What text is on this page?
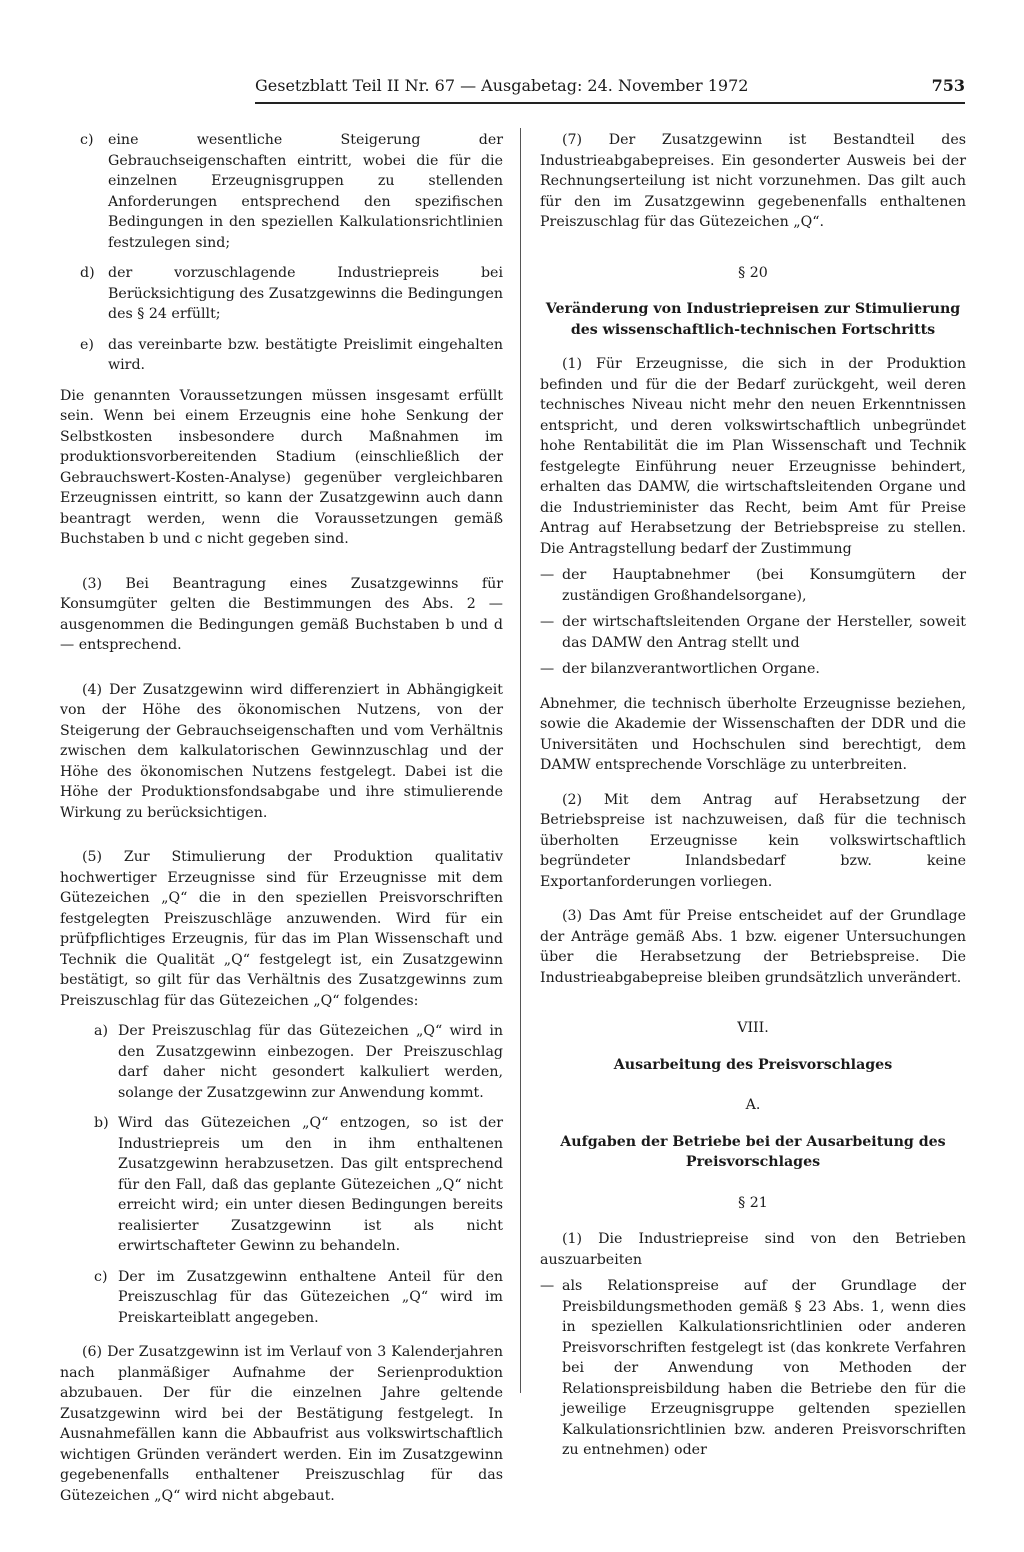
Gesetzblatt Teil II Nr. 67 — Ausgabetag: 24. November 1972	753
c) eine wesentliche Steigerung der Gebrauchseigenschaften eintritt, wobei die für die einzelnen Erzeugnisgruppen zu stellenden Anforderungen entsprechend den spezifischen Bedingungen in den speziellen Kalkulationsrichtlinien festzulegen sind;

d) der vorzuschlagende Industriepreis bei Berücksichtigung des Zusatzgewinns die Bedingungen des § 24 erfüllt;

e) das vereinbarte bzw. bestätigte Preislimit eingehalten wird.

Die genannten Voraussetzungen müssen insgesamt erfüllt sein. Wenn bei einem Erzeugnis eine hohe Senkung der Selbstkosten insbesondere durch Maßnahmen im produktionsvorbereitenden Stadium (einschließlich der Gebrauchswert-Kosten-Analyse) gegenüber vergleichbaren Erzeugnissen eintritt, so kann der Zusatzgewinn auch dann beantragt werden, wenn die Voraussetzungen gemäß Buchstaben b und c nicht gegeben sind.

(3) Bei Beantragung eines Zusatzgewinns für Konsumgüter gelten die Bestimmungen des Abs. 2 — ausgenommen die Bedingungen gemäß Buchstaben b und d — entsprechend.

(4) Der Zusatzgewinn wird differenziert in Abhängigkeit von der Höhe des ökonomischen Nutzens, von der Steigerung der Gebrauchseigenschaften und vom Verhältnis zwischen dem kalkulatorischen Gewinnzuschlag und der Höhe des ökonomischen Nutzens festgelegt. Dabei ist die Höhe der Produktionsfondsabgabe und ihre stimulierende Wirkung zu berücksichtigen.

(5) Zur Stimulierung der Produktion qualitativ hochwertiger Erzeugnisse sind für Erzeugnisse mit dem Gütezeichen „Q“ die in den speziellen Preisvorschriften festgelegten Preiszuschläge anzuwenden. Wird für ein prüfpflichtiges Erzeugnis, für das im Plan Wissenschaft und Technik die Qualität „Q“ festgelegt ist, ein Zusatzgewinn bestätigt, so gilt für das Verhältnis des Zusatzgewinns zum Preiszuschlag für das Gütezeichen „Q“ folgendes:

a) Der Preiszuschlag für das Gütezeichen „Q“ wird in den Zusatzgewinn einbezogen. Der Preiszuschlag darf daher nicht gesondert kalkuliert werden, solange der Zusatzgewinn zur Anwendung kommt.

b) Wird das Gütezeichen „Q“ entzogen, so ist der Industriepreis um den in ihm enthaltenen Zusatzgewinn herabzusetzen. Das gilt entsprechend für den Fall, daß das geplante Gütezeichen „Q“ nicht erreicht wird; ein unter diesen Bedingungen bereits realisierter Zusatzgewinn ist als nicht erwirtschafteter Gewinn zu behandeln.

c) Der im Zusatzgewinn enthaltene Anteil für den Preiszuschlag für das Gütezeichen „Q“ wird im Preiskarteiblatt angegeben.

(6) Der Zusatzgewinn ist im Verlauf von 3 Kalenderjahren nach planmäßiger Aufnahme der Serienproduktion abzubauen. Der für die einzelnen Jahre geltende Zusatzgewinn wird bei der Bestätigung festgelegt. In Ausnahmefällen kann die Abbaufrist aus volkswirtschaftlich wichtigen Gründen verändert werden. Ein im Zusatzgewinn gegebenenfalls enthaltener Preiszuschlag für das Gütezeichen „Q“ wird nicht abgebaut.

(7) Der Zusatzgewinn ist Bestandteil des Industrieabgabepreises. Ein gesonderter Ausweis bei der Rechnungserteilung ist nicht vorzunehmen. Das gilt auch für den im Zusatzgewinn gegebenenfalls enthaltenen Preiszuschlag für das Gütezeichen „Q“.

§ 20

Veränderung von Industriepreisen zur Stimulierung des wissenschaftlich-technischen Fortschritts

(1) Für Erzeugnisse, die sich in der Produktion befinden und für die der Bedarf zurückgeht, weil deren technisches Niveau nicht mehr den neuen Erkenntnissen entspricht, und deren volkswirtschaftlich unbegründet hohe Rentabilität die im Plan Wissenschaft und Technik festgelegte Einführung neuer Erzeugnisse behindert, erhalten das DAMW, die wirtschaftsleitenden Organe und die Industrieminister das Recht, beim Amt für Preise Antrag auf Herabsetzung der Betriebspreise zu stellen. Die Antragstellung bedarf der Zustimmung

— der Hauptabnehmer (bei Konsumgütern der zuständigen Großhandelsorgane),

— der wirtschaftsleitenden Organe der Hersteller, soweit das DAMW den Antrag stellt und

— der bilanzverantwortlichen Organe.

Abnehmer, die technisch überholte Erzeugnisse beziehen, sowie die Akademie der Wissenschaften der DDR und die Universitäten und Hochschulen sind berechtigt, dem DAMW entsprechende Vorschläge zu unterbreiten.

(2) Mit dem Antrag auf Herabsetzung der Betriebspreise ist nachzuweisen, daß für die technisch überholten Erzeugnisse kein volkswirtschaftlich begründeter Inlandsbedarf bzw. keine Exportanforderungen vorliegen.

(3) Das Amt für Preise entscheidet auf der Grundlage der Anträge gemäß Abs. 1 bzw. eigener Untersuchungen über die Herabsetzung der Betriebspreise. Die Industrieabgabepreise bleiben grundsätzlich unverändert.

VIII.

Ausarbeitung des Preisvorschlages

A.

Aufgaben der Betriebe bei der Ausarbeitung des Preisvorschlages

§ 21

(1) Die Industriepreise sind von den Betrieben auszuarbeiten

— als Relationspreise auf der Grundlage der Preisbildungsmethoden gemäß § 23 Abs. 1, wenn dies in speziellen Kalkulationsrichtlinien oder anderen Preisvorschriften festgelegt ist (das konkrete Verfahren bei der Anwendung von Methoden der Relationspreisbildung haben die Betriebe den für die jeweilige Erzeugnisgruppe geltenden speziellen Kalkulationsrichtlinien bzw. anderen Preisvorschriften zu entnehmen) oder
